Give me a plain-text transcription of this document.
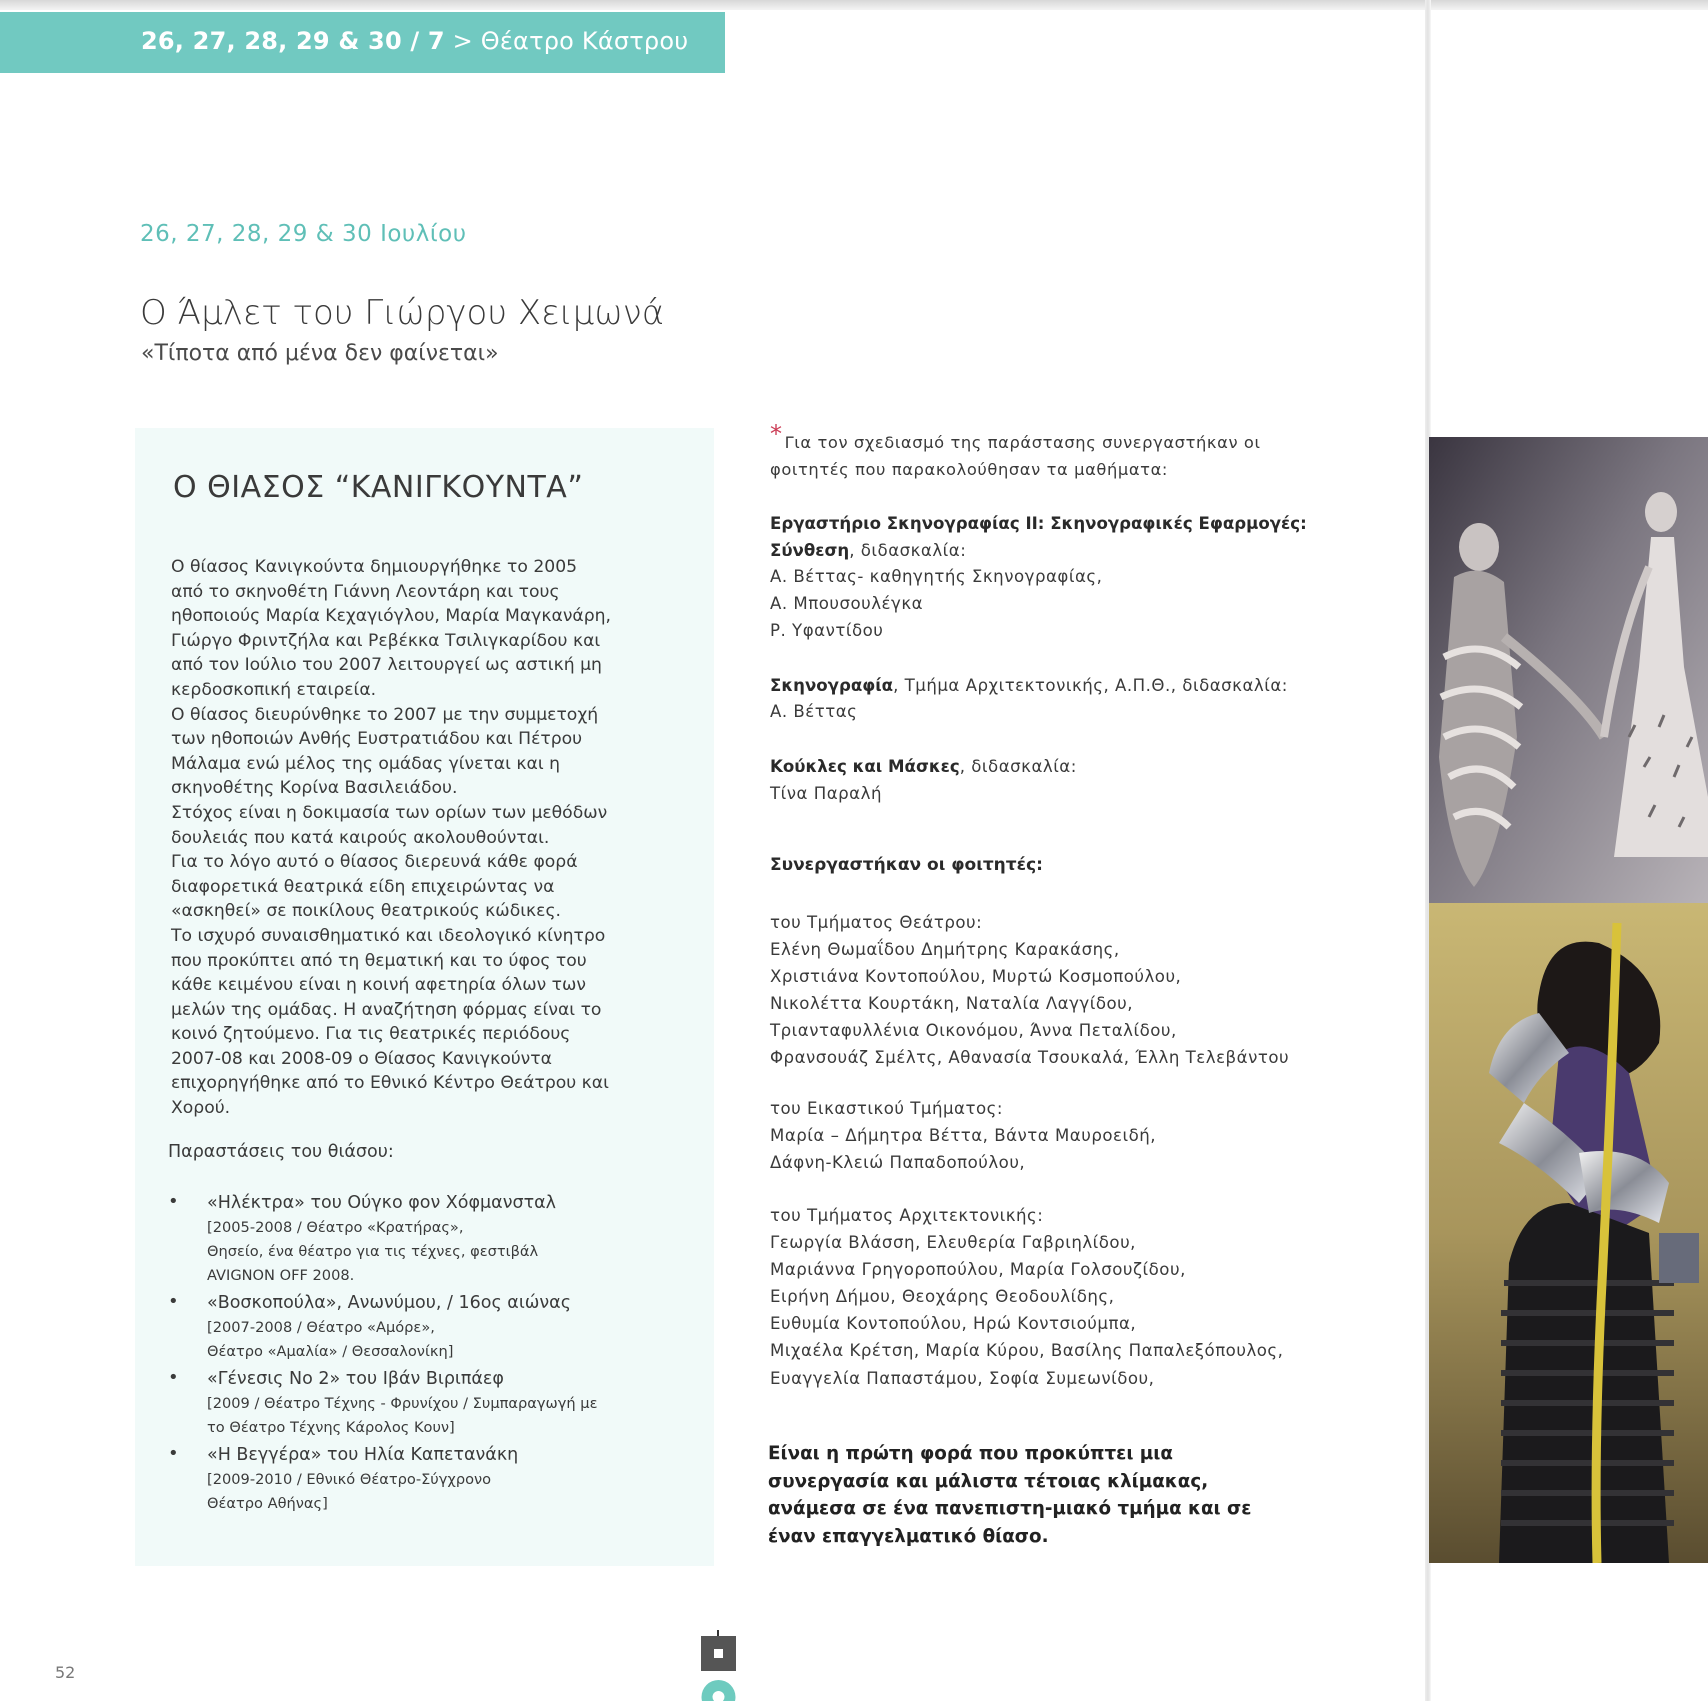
26, 27, 28, 29 & 30 / 7 > Θέατρο Κάστρου
26, 27, 28, 29 & 30 Ιουλίου
Ο Άμλετ του Γιώργου Χειμωνά
«Τίποτα από μένα δεν φαίνεται»
Ο ΘΙΑΣΟΣ “ΚΑΝΙΓΚΟΥΝΤΑ”

Ο θίασος Κανιγκούντα δημιουργήθηκε το 2005 από το σκηνοθέτη Γιάννη Λεοντάρη και τους ηθοποιούς Μαρία Κεχαγιόγλου, Μαρία Μαγκανάρη, Γιώργο Φριντζήλα και Ρεβέκκα Τσιλιγκαρίδου και από τον Ιούλιο του 2007 λειτουργεί ως αστική μη κερδοσκοπική εταιρεία.

Ο θίασος διευρύνθηκε το 2007 με την συμμετοχή των ηθοποιών Ανθής Ευστρατιάδου και Πέτρου Μάλαμα ενώ μέλος της ομάδας γίνεται και η σκηνοθέτης Κορίνα Βασιλειάδου.

Στόχος είναι η δοκιμασία των ορίων των μεθόδων δουλειάς που κατά καιρούς ακολουθούνται.

Για το λόγο αυτό ο θίασος διερευνά κάθε φορά διαφορετικά θεατρικά είδη επιχειρώντας να «ασκηθεί» σε ποικίλους θεατρικούς κώδικες.

Το ισχυρό συναισθηματικό και ιδεολογικό κίνητρο που προκύπτει από τη θεματική και το ύφος του κάθε κειμένου είναι η κοινή αφετηρία όλων των μελών της ομάδας. Η αναζήτηση φόρμας είναι το κοινό ζητούμενο. Για τις θεατρικές περιόδους 2007-08 και 2008-09 ο Θίασος Κανιγκούντα επιχορηγήθηκε από το Εθνικό Κέντρο Θεάτρου και Χορού.

Παραστάσεις του θιάσου:
• «Ηλέκτρα» του Ούγκο φον Χόφμανσταλ
[2005-2008 / Θέατρο «Κρατήρας»,
Θησείο, ένα θέατρο για τις τέχνες, φεστιβάλ
AVIGNON OFF 2008.
• «Βοσκοπούλα», Ανωνύμου, / 16ος αιώνας
[2007-2008 / Θέατρο «Αμόρε»,
Θέατρο «Αμαλία» / Θεσσαλονίκη]
• «Γένεσις Νο 2» του Ιβάν Βιριπάεφ
[2009 / Θέατρο Τέχνης - Φρυνίχου / Συμπαραγωγή με
το Θέατρο Τέχνης Κάρολος Κουν]
• «Η Βεγγέρα» του Ηλία Καπετανάκη
[2009-2010 / Εθνικό Θέατρο-Σύγχρονο
Θέατρο Αθήνας]
* Για τον σχεδιασμό της παράστασης συνεργαστήκαν οι
φοιτητές που παρακολούθησαν τα μαθήματα:
Εργαστήριο Σκηνογραφίας ΙΙ: Σκηνογραφικές Εφαρμογές:
Σύνθεση, διδασκαλία:
Α. Βέττας- καθηγητής Σκηνογραφίας,
Α. Μπουσουλέγκα
Ρ. Υφαντίδου
Σκηνογραφία, Τμήμα Αρχιτεκτονικής, Α.Π.Θ., διδασκαλία:
Α. Βέττας
Κούκλες και Μάσκες, διδασκαλία:
Τίνα Παραλή
Συνεργαστήκαν οι φοιτητές:
του Τμήματος Θεάτρου:
Ελένη Θωμαΐδου Δημήτρης Καρακάσης,
Χριστιάνα Κοντοπούλου, Μυρτώ Κοσμοπούλου,
Νικολέττα Κουρτάκη, Ναταλία Λαγγίδου,
Τριανταφυλλένια Οικονόμου, Άννα Πεταλίδου,
Φρανσουάζ Σμέλτς, Αθανασία Τσουκαλά, Έλλη Τελεβάντου
του Εικαστικού Τμήματος:
Μαρία – Δήμητρα Βέττα, Βάντα Μαυροειδή,
Δάφνη-Κλειώ Παπαδοπούλου,
του Τμήματος Αρχιτεκτονικής:
Γεωργία Βλάσση, Ελευθερία Γαβριηλίδου,
Μαριάννα Γρηγοροπούλου, Μαρία Γολσουζίδου,
Ειρήνη Δήμου, Θεοχάρης Θεοδουλίδης,
Ευθυμία Κοντοπούλου, Ηρώ Κοντσιούμπα,
Μιχαέλα Κρέτση, Μαρία Κύρου, Βασίλης Παπαλεξόπουλος,
Ευαγγελία Παπαστάμου, Σοφία Συμεωνίδου,
Είναι η πρώτη φορά που προκύπτει μια συνεργασία και μάλιστα τέτοιας κλίμακας, ανάμεσα σε ένα πανεπιστη-μιακό τμήμα και σε έναν επαγγελματικό θίασο.
52
